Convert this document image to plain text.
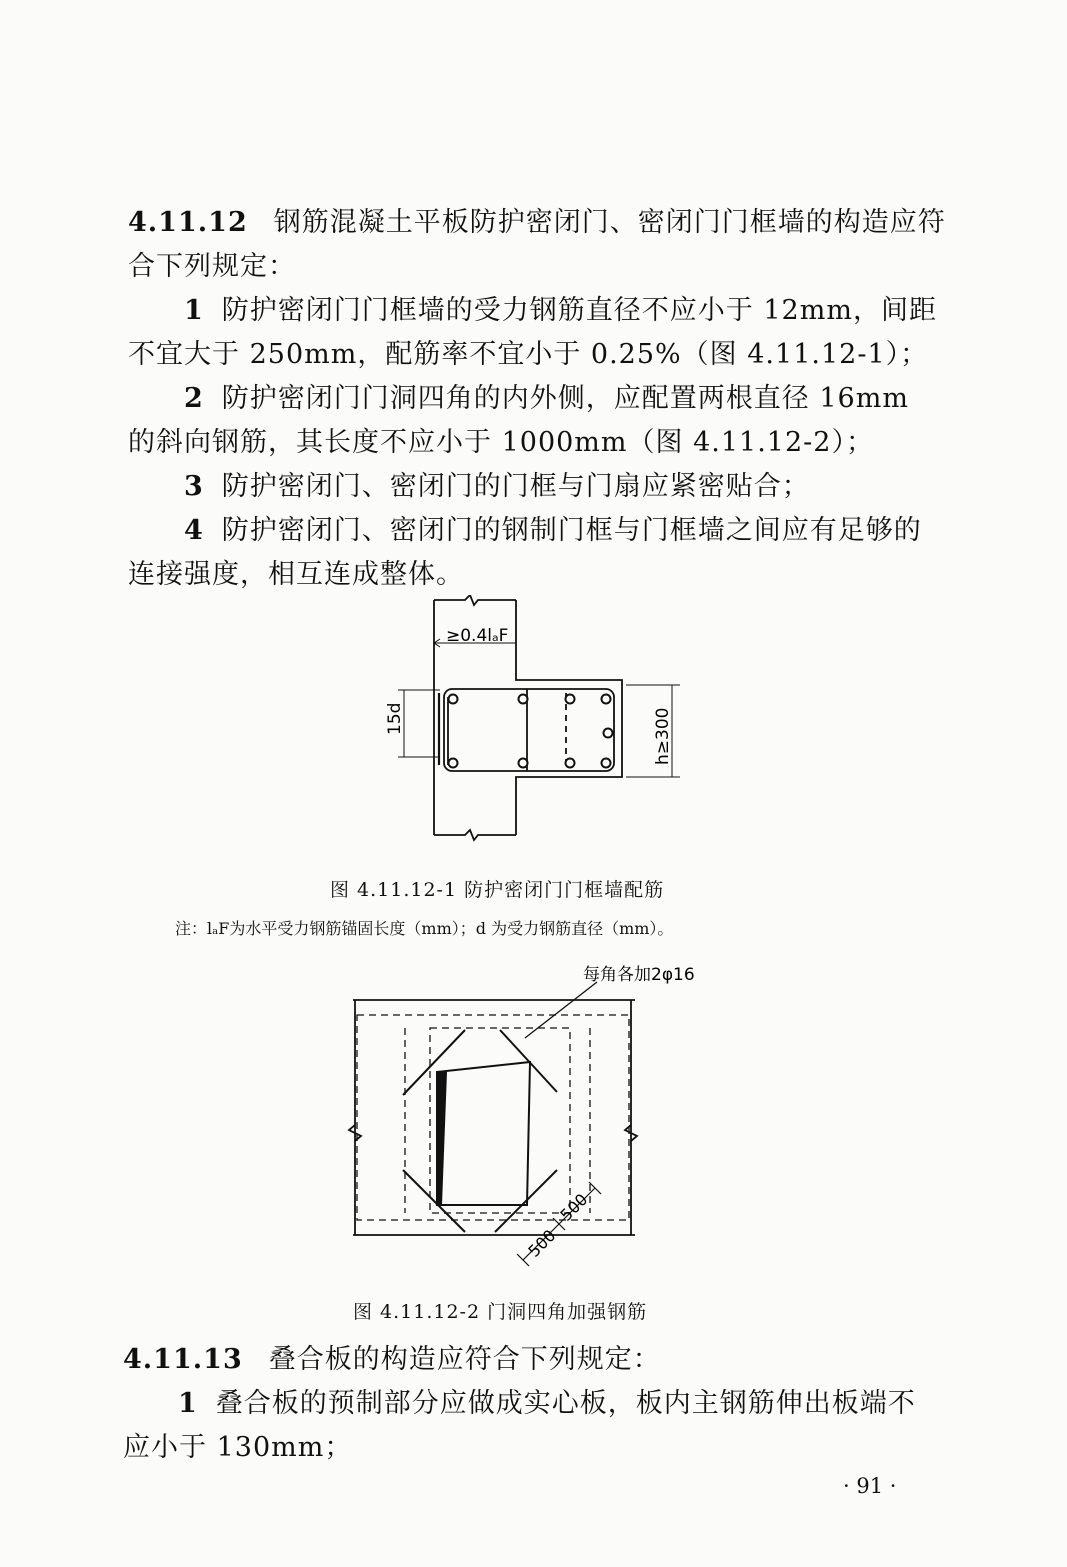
4.11.12 钢筋混凝土平板防护密闭门、密闭门门框墙的构造应符
合下列规定：
1 防护密闭门门框墙的受力钢筋直径不应小于 12mm，间距
不宜大于 250mm，配筋率不宜小于 0.25%（图 4.11.12-1）；
2 防护密闭门门洞四角的内外侧，应配置两根直径 16mm
的斜向钢筋，其长度不应小于 1000mm（图 4.11.12-2）；
3 防护密闭门、密闭门的门框与门扇应紧密贴合；
4 防护密闭门、密闭门的钢制门框与门框墙之间应有足够的
连接强度，相互连成整体。
≥0.4lₐF
15d	h≥300
图 4.11.12-1 防护密闭门门框墙配筋
注：lₐF为水平受力钢筋锚固长度（mm）；d 为受力钢筋直径（mm）。
每角各加2φ16
500
500
图 4.11.12-2 门洞四角加强钢筋
4.11.13 叠合板的构造应符合下列规定：
1 叠合板的预制部分应做成实心板，板内主钢筋伸出板端不
应小于 130mm；
· 91 ·
